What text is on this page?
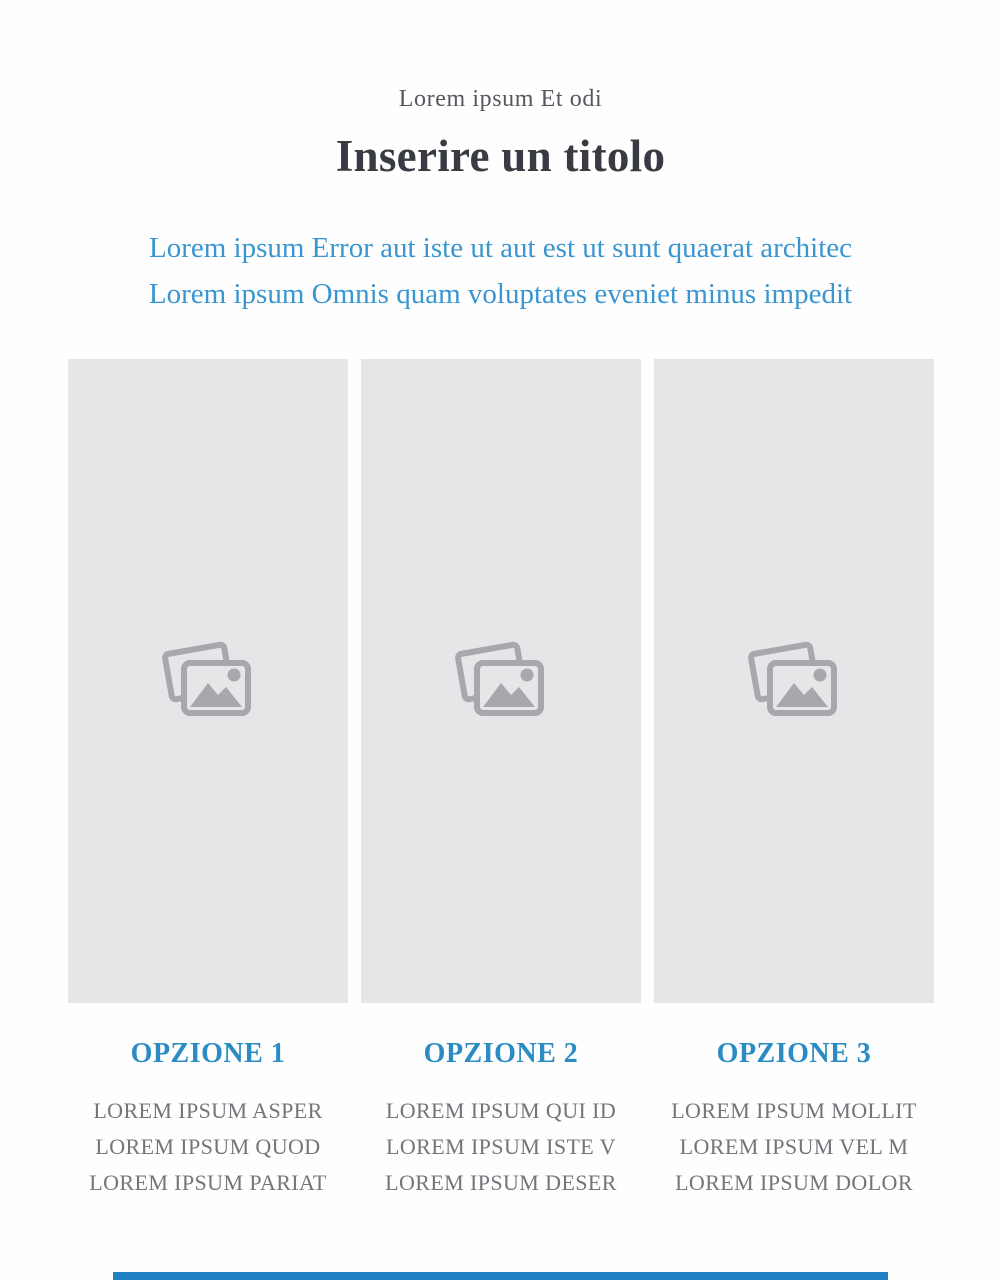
Lorem ipsum Et odi
Inserire un titolo

Lorem ipsum Error aut iste ut aut est ut sunt quaerat architec
Lorem ipsum Omnis quam voluptates eveniet minus impedit

OPZIONE 1
LOREM IPSUM ASPER
LOREM IPSUM QUOD
LOREM IPSUM PARIAT
OPZIONE 2
LOREM IPSUM QUI ID
LOREM IPSUM ISTE V
LOREM IPSUM DESER
OPZIONE 3
LOREM IPSUM MOLLIT
LOREM IPSUM VEL M
LOREM IPSUM DOLOR
